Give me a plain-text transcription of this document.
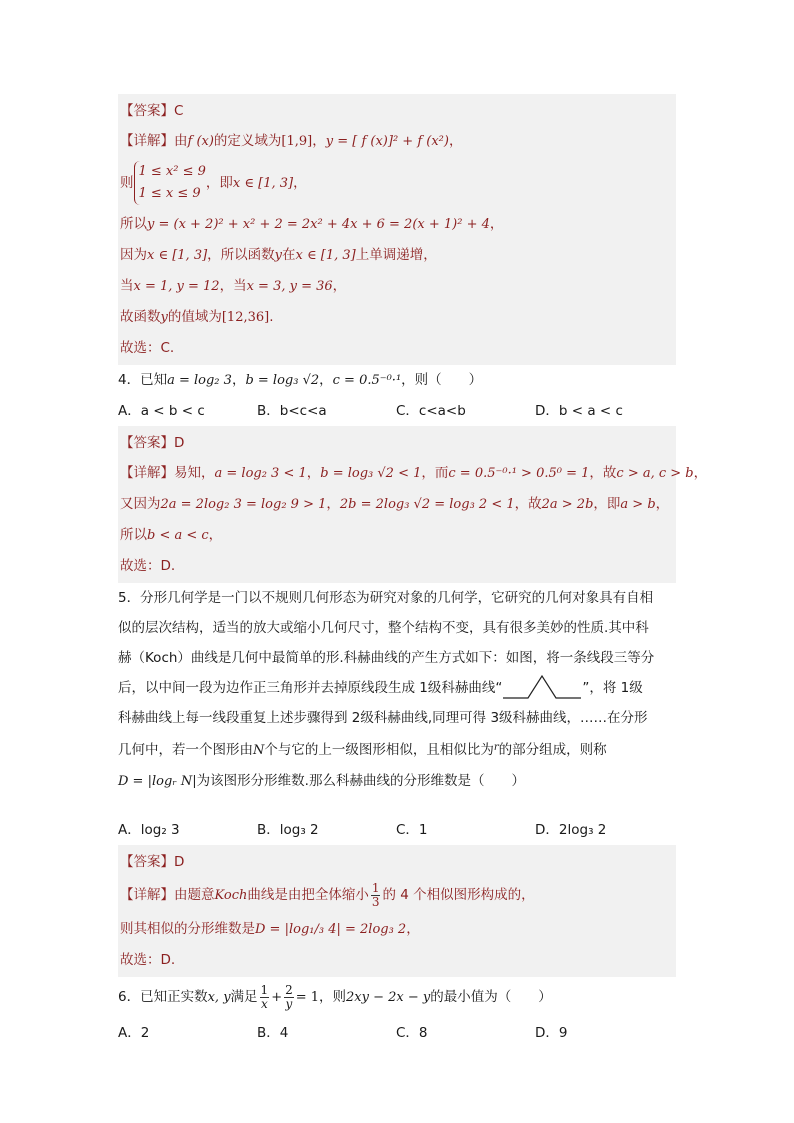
【答案】C
【详解】由f (x)的定义域为[1,9]，y = [ f (x)]² + f (x²)，
则
1 ≤ x² ≤ 9
1 ≤ x ≤ 9
，即x ∈ [1, 3]，
所以y = (x + 2)² + x² + 2 = 2x² + 4x + 6 = 2(x + 1)² + 4，
因为x ∈ [1, 3]，所以函数y在x ∈ [1, 3]上单调递增，
当x = 1, y = 12，当x = 3, y = 36，
故函数y的值域为[12,36].
故选：C.
4．已知a = log₂ 3，b = log₃ √2，c = 0.5⁻⁰·¹，则（　　）
A．a < b < c	B．b<c<a	C．c<a<b	D．b < a < c
【答案】D
【详解】易知，a = log₂ 3 < 1，b = log₃ √2 < 1，而c = 0.5⁻⁰·¹ > 0.5⁰ = 1，故c > a, c > b，
又因为2a = 2log₂ 3 = log₂ 9 > 1，2b = 2log₃ √2 = log₃ 2 < 1，故2a > 2b，即a > b，
所以b < a < c，
故选：D.
5．分形几何学是一门以不规则几何形态为研究对象的几何学，它研究的几何对象具有自相
似的层次结构，适当的放大或缩小几何尺寸，整个结构不变，具有很多美妙的性质.其中科
赫（Koch）曲线是几何中最简单的形.科赫曲线的产生方式如下：如图，将一条线段三等分
后，以中间一段为边作正三角形并去掉原线段生成 1级科赫曲线“	”，将 1级
科赫曲线上每一线段重复上述步骤得到 2级科赫曲线,同理可得 3级科赫曲线，……在分形
几何中，若一个图形由N个与它的上一级图形相似，且相似比为$^r$的部分组成，则称
D = |logᵣ N|为该图形分形维数.那么科赫曲线的分形维数是（　　）
A．log₂ 3	B．log₃ 2	C．1	D．2log₃ 2
【答案】D
【详解】由题意Koch曲线是由把全体缩小 $\frac{1}{3}$ 的 4 个相似图形构成的，
则其相似的分形维数是D = |log₁/₃ 4| = 2log₃ 2，
故选：D.
6．已知正实数x, y满足 $\frac{1}{x} + \frac{2}{y} = 1$，则2xy − 2x − y的最小值为（　　）
A．2	B．4	C．8	D．9
